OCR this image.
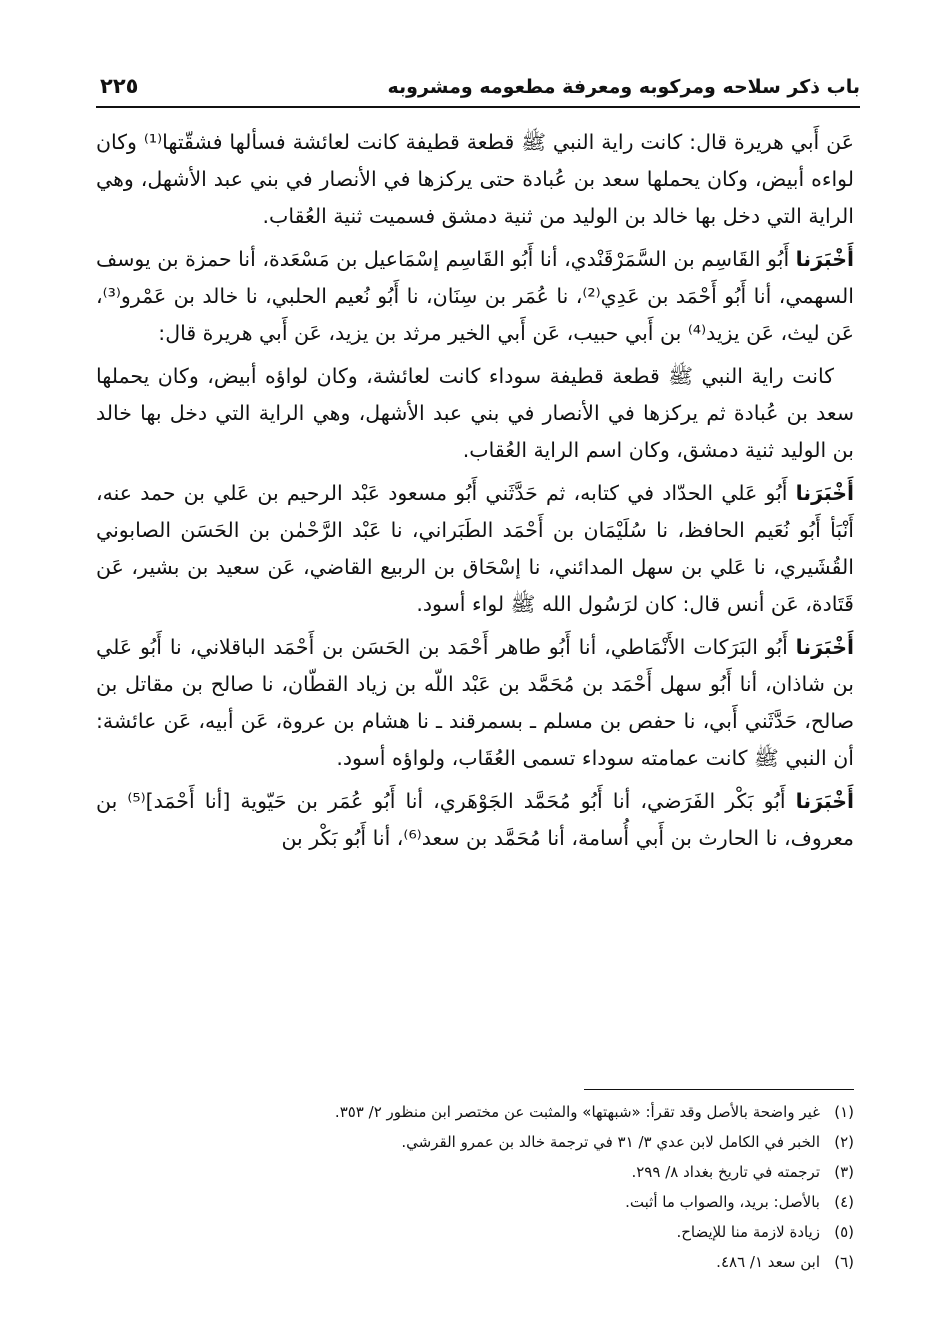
باب ذكر سلاحه ومركوبه ومعرفة مطعومه ومشروبه
٢٢٥

عَن أَبي هريرة قال: كانت راية النبي ﷺ قطعة قطيفة كانت لعائشة فسألها فشقّتها⁽¹⁾ وكان لواءه أبيض، وكان يحملها سعد بن عُبادة حتى يركزها في الأنصار في بني عبد الأشهل، وهي الراية التي دخل بها خالد بن الوليد من ثنية دمشق فسميت ثنية العُقاب.

أَخْبَرَنا أَبُو القَاسِم بن السَّمَرْقَنْدي، أنا أَبُو القَاسِم إسْمَاعيل بن مَسْعَدة، أنا حمزة بن يوسف السهمي، أنا أَبُو أَحْمَد بن عَدِي⁽²⁾، نا عُمَر بن سِنَان، نا أَبُو نُعيم الحلبي، نا خالد بن عَمْرو⁽³⁾، عَن ليث، عَن يزيد⁽⁴⁾ بن أَبي حبيب، عَن أَبي الخير مرثد بن يزيد، عَن أَبي هريرة قال:

كانت راية النبي ﷺ قطعة قطيفة سوداء كانت لعائشة، وكان لواؤه أبيض، وكان يحملها سعد بن عُبادة ثم يركزها في الأنصار في بني عبد الأشهل، وهي الراية التي دخل بها خالد بن الوليد ثنية دمشق، وكان اسم الراية العُقاب.

أَخْبَرَنا أَبُو عَلي الحدّاد في كتابه، ثم حَدَّثَني أَبُو مسعود عَبْد الرحيم بن عَلي بن حمد عنه، أَنْبَأ أَبُو نُعَيم الحافظ، نا سُلَيْمَان بن أَحْمَد الطَبَراني، نا عَبْد الرَّحْمٰن بن الحَسَن الصابوني القُشَيري، نا عَلي بن سهل المدائني، نا إسْحَاق بن الربيع القاضي، عَن سعيد بن بشير، عَن قَتَادة، عَن أنس قال: كان لرَسُول الله ﷺ لواء أسود.

أَخْبَرَنا أَبُو البَرَكات الأَنْمَاطي، أنا أَبُو طاهر أَحْمَد بن الحَسَن بن أَحْمَد الباقلاني، نا أَبُو عَلي بن شاذان، أنا أَبُو سهل أَحْمَد بن مُحَمَّد بن عَبْد اللّه بن زياد القطّان، نا صالح بن مقاتل بن صالح، حَدَّثَني أَبي، نا حفص بن مسلم ـ بسمرقند ـ نا هشام بن عروة، عَن أبيه، عَن عائشة: أن النبي ﷺ كانت عمامته سوداء تسمى العُقَاب، ولواؤه أسود.

أَخْبَرَنا أَبُو بَكْر الفَرَضي، أنا أَبُو مُحَمَّد الجَوْهَري، أنا أَبُو عُمَر بن حَيّوية [أنا أَحْمَد]⁽⁵⁾ بن معروف، نا الحارث بن أَبي أُسامة، أنا مُحَمَّد بن سعد⁽⁶⁾، أنا أَبُو بَكْر بن

(١)غير واضحة بالأصل وقد تقرأ: «شبهتها» والمثبت عن مختصر ابن منظور ٢/ ٣٥٣.
(٢)الخبر في الكامل لابن عدي ٣/ ٣١ في ترجمة خالد بن عمرو القرشي.
(٣)ترجمته في تاريخ بغداد ٨/ ٢٩٩.
(٤)بالأصل: بريد، والصواب ما أثبت.
(٥)زيادة لازمة منا للإيضاح.
(٦)ابن سعد ١/ ٤٨٦.
